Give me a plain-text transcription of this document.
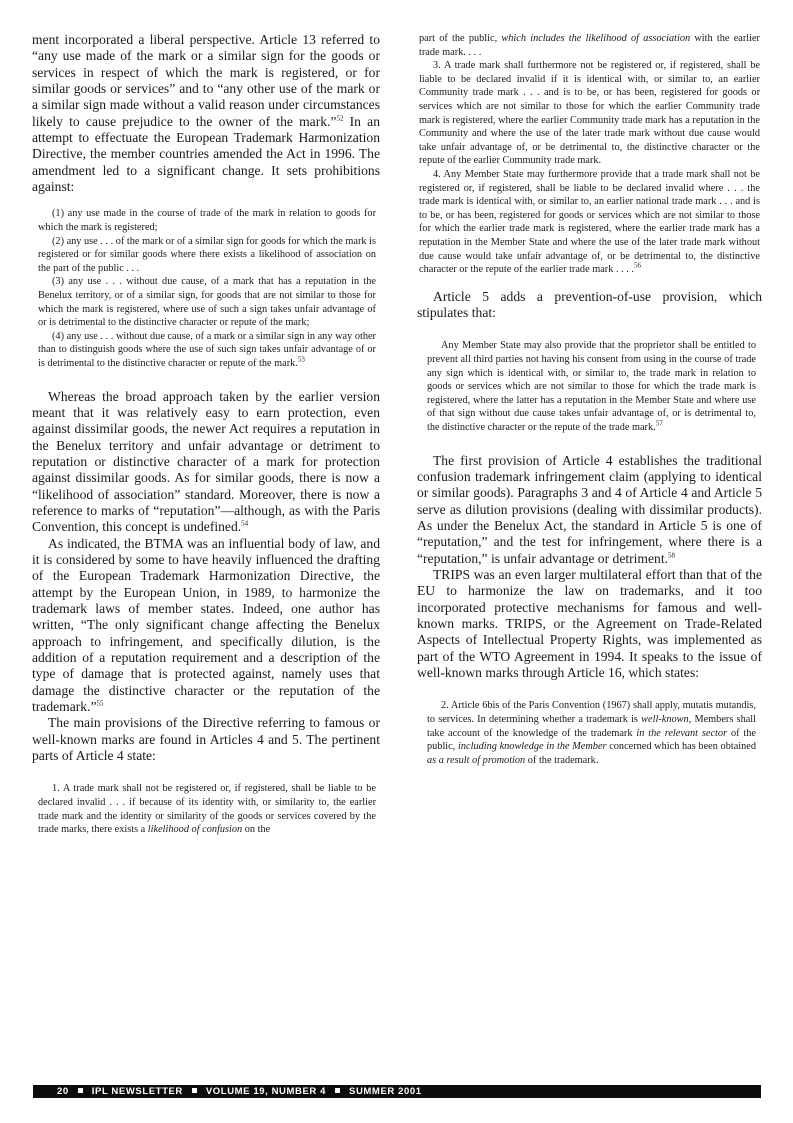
ment incorporated a liberal perspective. Article 13 referred to “any use made of the mark or a similar sign for the goods or services in respect of which the mark is registered, or for similar goods or services” and to “any other use of the mark or a similar sign made without a valid reason under circumstances likely to cause prejudice to the owner of the mark.”$^{52}$ In an attempt to effectuate the European Trademark Harmonization Directive, the member countries amended the Act in 1996. The amendment led to a significant change. It sets prohibitions against:

(1) any use made in the course of trade of the mark in relation to goods for which the mark is registered;

(2) any use . . . of the mark or of a similar sign for goods for which the mark is registered or for similar goods where there exists a likelihood of association on the part of the public . . .

(3) any use . . . without due cause, of a mark that has a reputation in the Benelux territory, or of a similar sign, for goods that are not similar to those for which the mark is registered, where use of such a sign takes unfair advantage of or is detrimental to the distinctive character or repute of the mark;

(4) any use . . . without due cause, of a mark or a similar sign in any way other than to distinguish goods where the use of such sign takes unfair advantage of or is detrimental to the distinctive character or repute of the mark.$^{53}$

Whereas the broad approach taken by the earlier version meant that it was relatively easy to earn protection, even against dissimilar goods, the newer Act requires a reputation in the Benelux territory and unfair advantage or detriment to reputation or distinctive character of a mark for protection against dissimilar goods. As for similar goods, there is now a “likelihood of association” standard. Moreover, there is now a reference to marks of “reputation”—although, as with the Paris Convention, this concept is undefined.$^{54}$

As indicated, the BTMA was an influential body of law, and it is considered by some to have heavily influenced the drafting of the European Trademark Harmonization Directive, the attempt by the European Union, in 1989, to harmonize the trademark laws of member states. Indeed, one author has written, “The only significant change affecting the Benelux approach to infringement, and specifically dilution, is the addition of a reputation requirement and a description of the type of damage that is protected against, namely uses that damage the distinctive character or the reputation of the trademark.”$^{55}$

The main provisions of the Directive referring to famous or well-known marks are found in Articles 4 and 5. The pertinent parts of Article 4 state:

1. A trade mark shall not be registered or, if registered, shall be liable to be declared invalid . . . if because of its identity with, or similarity to, the earlier trade mark and the identity or similarity of the goods or services covered by the trade marks, there exists a likelihood of confusion on the

part of the public, which includes the likelihood of association with the earlier trade mark. . . .

3. A trade mark shall furthermore not be registered or, if registered, shall be liable to be declared invalid if it is identical with, or similar to, an earlier Community trade mark . . . and is to be, or has been, registered for goods or services which are not similar to those for which the earlier Community trade mark is registered, where the earlier Community trade mark has a reputation in the Community and where the use of the later trade mark without due cause would take unfair advantage of, or be detrimental to, the distinctive character or the repute of the earlier Community trade mark.

4. Any Member State may furthermore provide that a trade mark shall not be registered or, if registered, shall be liable to be declared invalid where . . . the trade mark is identical with, or similar to, an earlier national trade mark . . . and is to be, or has been, registered for goods or services which are not similar to those for which the earlier trade mark is registered, where the earlier trade mark has a reputation in the Member State and where the use of the later trade mark without due cause would take unfair advantage of, or be detrimental to, the distinctive character or the repute of the earlier trade mark . . . .$^{56}$

Article 5 adds a prevention-of-use provision, which stipulates that:

Any Member State may also provide that the proprietor shall be entitled to prevent all third parties not having his consent from using in the course of trade any sign which is identical with, or similar to, the trade mark in relation to goods or services which are not similar to those for which the trade mark is registered, where the latter has a reputation in the Member State and where use of that sign without due cause takes unfair advantage of, or is detrimental to, the distinctive character or the repute of the trade mark.$^{57}$

The first provision of Article 4 establishes the traditional confusion trademark infringement claim (applying to identical or similar goods). Paragraphs 3 and 4 of Article 4 and Article 5 serve as dilution provisions (dealing with dissimilar products). As under the Benelux Act, the standard in Article 5 is one of “reputation,” and the test for infringement, where there is a “reputation,” is unfair advantage or detriment.$^{58}$

TRIPS was an even larger multilateral effort than that of the EU to harmonize the law on trademarks, and it too incorporated protective mechanisms for famous and well-known marks. TRIPS, or the Agreement on Trade-Related Aspects of Intellectual Property Rights, was implemented as part of the WTO Agreement in 1994. It speaks to the issue of well-known marks through Article 16, which states:

2. Article 6bis of the Paris Convention (1967) shall apply, mutatis mutandis, to services. In determining whether a trademark is well-known, Members shall take account of the knowledge of the trademark in the relevant sector of the public, including knowledge in the Member concerned which has been obtained as a result of promotion of the trademark.

20 IPL NEWSLETTER VOLUME 19, NUMBER 4 SUMMER 2001
